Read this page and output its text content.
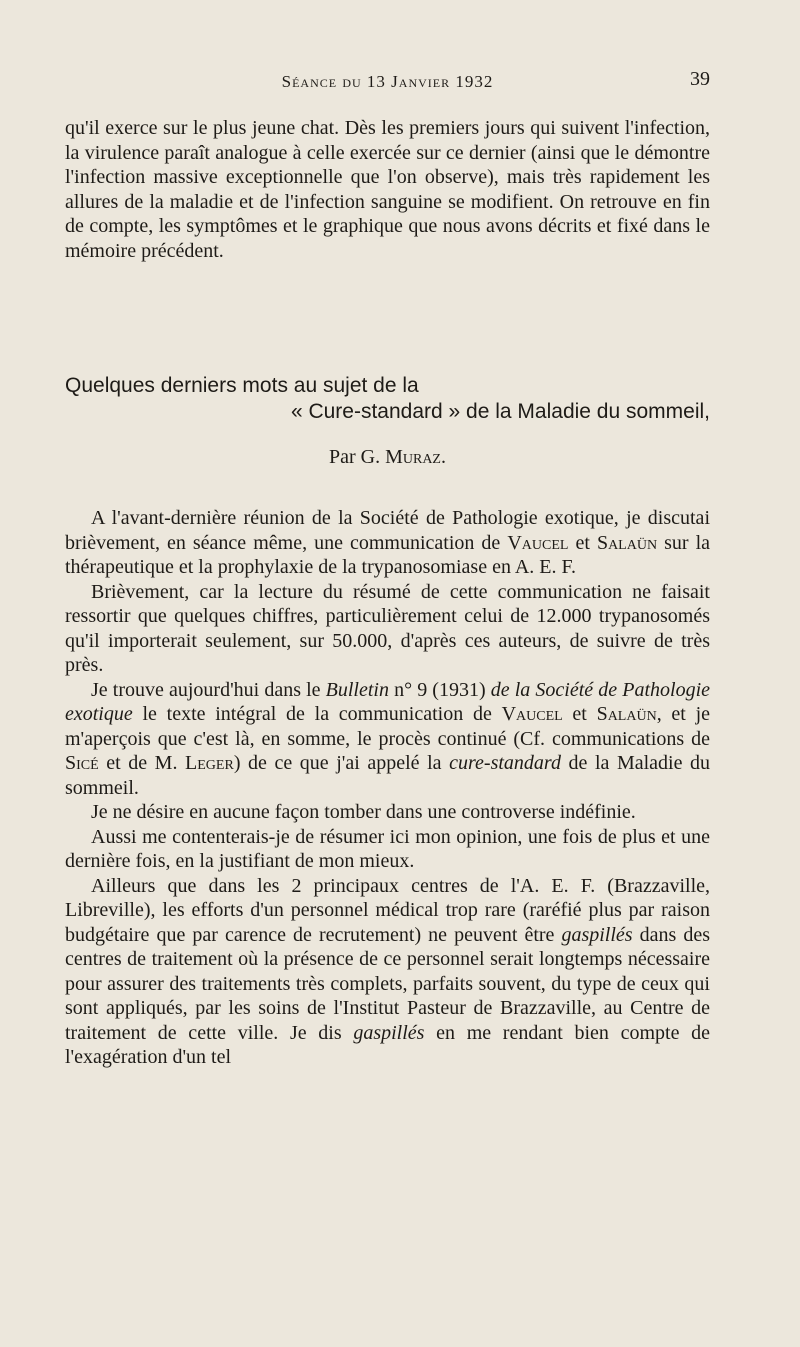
Séance du 13 Janvier 1932	39

qu'il exerce sur le plus jeune chat. Dès les premiers jours qui suivent l'infection, la virulence paraît analogue à celle exercée sur ce dernier (ainsi que le démontre l'infection massive exceptionnelle que l'on observe), mais très rapidement les allures de la maladie et de l'infection sanguine se modifient. On retrouve en fin de compte, les symptômes et le graphique que nous avons décrits et fixé dans le mémoire précédent.

Quelques derniers mots au sujet de la
« Cure-standard » de la Maladie du sommeil,
Par G. Muraz.

A l'avant-dernière réunion de la Société de Pathologie exotique, je discutai brièvement, en séance même, une communication de Vaucel et Salaün sur la thérapeutique et la prophylaxie de la trypanosomiase en A. E. F.

Brièvement, car la lecture du résumé de cette communication ne faisait ressortir que quelques chiffres, particulièrement celui de 12.000 trypanosomés qu'il importerait seulement, sur 50.000, d'après ces auteurs, de suivre de très près.

Je trouve aujourd'hui dans le Bulletin n° 9 (1931) de la Société de Pathologie exotique le texte intégral de la communication de Vaucel et Salaün, et je m'aperçois que c'est là, en somme, le procès continué (Cf. communications de Sicé et de M. Leger) de ce que j'ai appelé la cure-standard de la Maladie du sommeil.

Je ne désire en aucune façon tomber dans une controverse indéfinie.

Aussi me contenterais-je de résumer ici mon opinion, une fois de plus et une dernière fois, en la justifiant de mon mieux.

Ailleurs que dans les 2 principaux centres de l'A. E. F. (Brazzaville, Libreville), les efforts d'un personnel médical trop rare (raréfié plus par raison budgétaire que par carence de recrutement) ne peuvent être gaspillés dans des centres de traitement où la présence de ce personnel serait longtemps nécessaire pour assurer des traitements très complets, parfaits souvent, du type de ceux qui sont appliqués, par les soins de l'Institut Pasteur de Brazzaville, au Centre de traitement de cette ville. Je dis gaspillés en me rendant bien compte de l'exagération d'un tel
